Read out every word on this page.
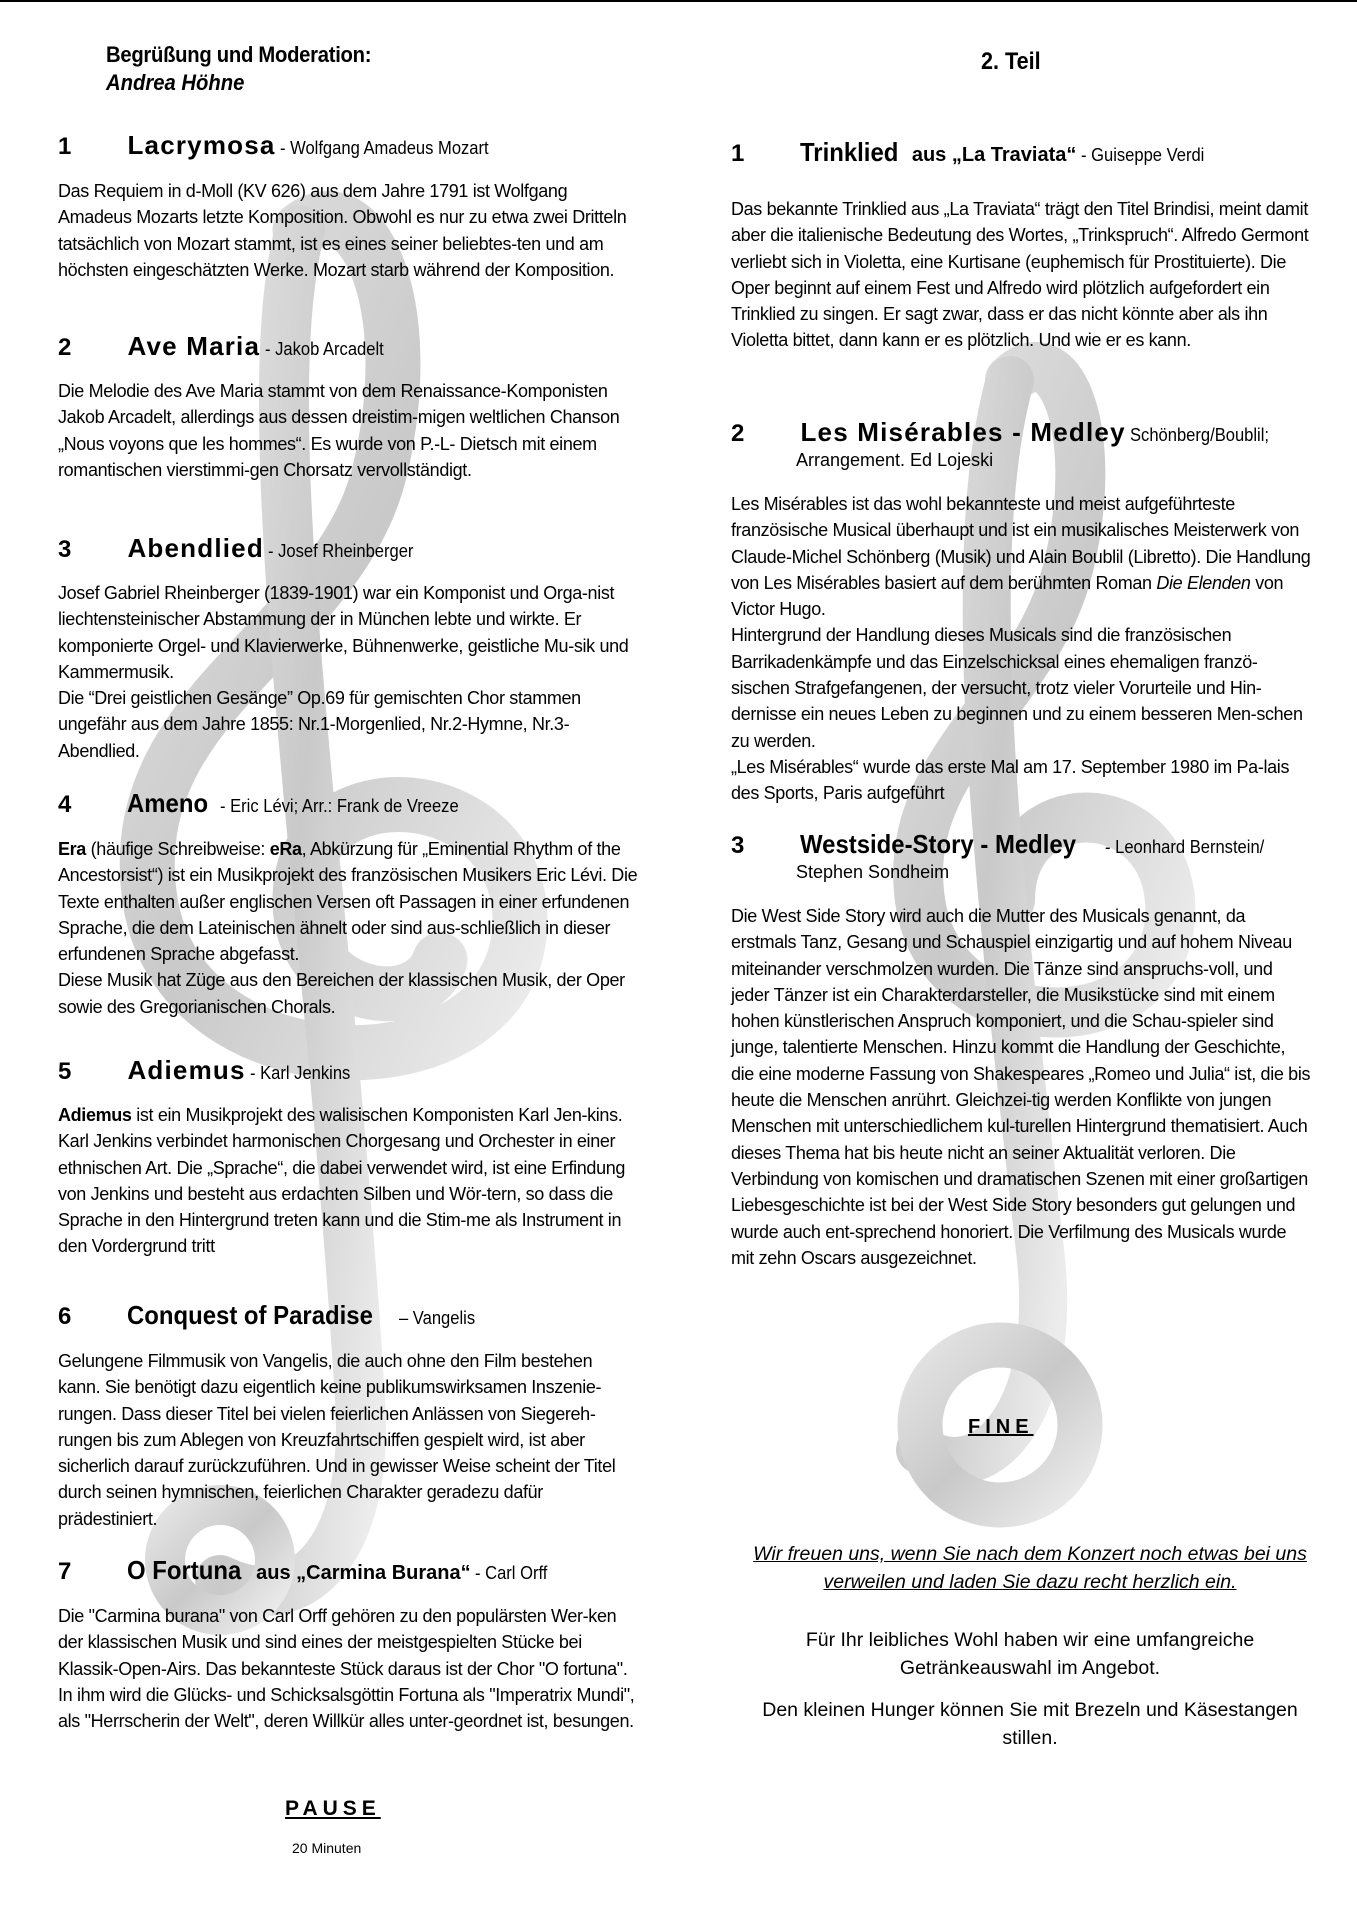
Begrüßung und Moderation:
Andrea Höhne
1 Lacrymosa - Wolfgang Amadeus Mozart
Das Requiem in d-Moll (KV 626) aus dem Jahre 1791 ist Wolfgang Amadeus Mozarts letzte Komposition. Obwohl es nur zu etwa zwei Dritteln tatsächlich von Mozart stammt, ist es eines seiner beliebtes-ten und am höchsten eingeschätzten Werke. Mozart starb während der Komposition.
2 Ave Maria - Jakob Arcadelt
Die Melodie des Ave Maria stammt von dem Renaissance-Komponisten Jakob Arcadelt, allerdings aus dessen dreistim-migen weltlichen Chanson „Nous voyons que les hommes“. Es wurde von P.-L- Dietsch mit einem romantischen vierstimmi-gen Chorsatz vervollständigt.
3 Abendlied - Josef Rheinberger
Josef Gabriel Rheinberger (1839-1901) war ein Komponist und Orga-nist liechtensteinischer Abstammung der in München lebte und wirkte. Er komponierte Orgel- und Klavierwerke, Bühnenwerke, geistliche Mu-sik und Kammermusik.
Die “Drei geistlichen Gesänge” Op.69 für gemischten Chor stammen ungefähr aus dem Jahre 1855: Nr.1-Morgenlied, Nr.2-Hymne, Nr.3-Abendlied.
4 Ameno - Eric Lévi; Arr.: Frank de Vreeze
Era (häufige Schreibweise: eRa, Abkürzung für „Eminential Rhythm of the Ancestorsist“) ist ein Musikprojekt des französischen Musikers Eric Lévi. Die Texte enthalten außer englischen Versen oft Passagen in einer erfundenen Sprache, die dem Lateinischen ähnelt oder sind aus-schließlich in dieser erfundenen Sprache abgefasst.
Diese Musik hat Züge aus den Bereichen der klassischen Musik, der Oper sowie des Gregorianischen Chorals.
5 Adiemus - Karl Jenkins
Adiemus ist ein Musikprojekt des walisischen Komponisten Karl Jen-kins. Karl Jenkins verbindet harmonischen Chorgesang und Orchester in einer ethnischen Art. Die „Sprache“, die dabei verwendet wird, ist eine Erfindung von Jenkins und besteht aus erdachten Silben und Wör-tern, so dass die Sprache in den Hintergrund treten kann und die Stim-me als Instrument in den Vordergrund tritt
6 Conquest of Paradise – Vangelis
Gelungene Filmmusik von Vangelis, die auch ohne den Film bestehen kann. Sie benötigt dazu eigentlich keine publikumswirksamen Inszenie-rungen. Dass dieser Titel bei vielen feierlichen Anlässen von Siegereh-rungen bis zum Ablegen von Kreuzfahrtschiffen gespielt wird, ist aber sicherlich darauf zurückzuführen. Und in gewisser Weise scheint der Titel durch seinen hymnischen, feierlichen Charakter geradezu dafür prädestiniert.
7 O Fortuna aus „Carmina Burana“ - Carl Orff
Die "Carmina burana" von Carl Orff gehören zu den populärsten Wer-ken der klassischen Musik und sind eines der meistgespielten Stücke bei Klassik-Open-Airs. Das bekannteste Stück daraus ist der Chor "O fortuna". In ihm wird die Glücks- und Schicksalsgöttin Fortuna als "Imperatrix Mundi", als "Herrscherin der Welt", deren Willkür alles unter-geordnet ist, besungen.
PAUSE
20 Minuten
2. Teil
1 Trinklied aus „La Traviata“ - Guiseppe Verdi
Das bekannte Trinklied aus „La Traviata“ trägt den Titel Brindisi, meint damit aber die italienische Bedeutung des Wortes, „Trinkspruch“. Alfredo Germont verliebt sich in Violetta, eine Kurtisane (euphemisch für Prostituierte). Die Oper beginnt auf einem Fest und Alfredo wird plötzlich aufgefordert ein Trinklied zu singen. Er sagt zwar, dass er das nicht könnte aber als ihn Violetta bittet, dann kann er es plötzlich. Und wie er es kann.
2 Les Misérables - Medley Schönberg/Boublil;
Arrangement. Ed Lojeski
Les Misérables ist das wohl bekannteste und meist aufgeführteste französische Musical überhaupt und ist ein musikalisches Meisterwerk von Claude-Michel Schönberg (Musik) und Alain Boublil (Libretto). Die Handlung von Les Misérables basiert auf dem berühmten Roman Die Elenden von Victor Hugo.
Hintergrund der Handlung dieses Musicals sind die französischen Barrikadenkämpfe und das Einzelschicksal eines ehemaligen franzö-sischen Strafgefangenen, der versucht, trotz vieler Vorurteile und Hin-dernisse ein neues Leben zu beginnen und zu einem besseren Men-schen zu werden.
„Les Misérables“ wurde das erste Mal am 17. September 1980 im Pa-lais des Sports, Paris aufgeführt
3 Westside-Story - Medley - Leonhard Bernstein/
Stephen Sondheim
Die West Side Story wird auch die Mutter des Musicals genannt, da erstmals Tanz, Gesang und Schauspiel einzigartig und auf hohem Niveau miteinander verschmolzen wurden. Die Tänze sind anspruchs-voll, und jeder Tänzer ist ein Charakterdarsteller, die Musikstücke sind mit einem hohen künstlerischen Anspruch komponiert, und die Schau-spieler sind junge, talentierte Menschen. Hinzu kommt die Handlung der Geschichte, die eine moderne Fassung von Shakespeares „Romeo und Julia“ ist, die bis heute die Menschen anrührt. Gleichzei-tig werden Konflikte von jungen Menschen mit unterschiedlichem kul-turellen Hintergrund thematisiert. Auch dieses Thema hat bis heute nicht an seiner Aktualität verloren. Die Verbindung von komischen und dramatischen Szenen mit einer großartigen Liebesgeschichte ist bei der West Side Story besonders gut gelungen und wurde auch ent-sprechend honoriert. Die Verfilmung des Musicals wurde mit zehn Oscars ausgezeichnet.
FINE
Wir freuen uns, wenn Sie nach dem Konzert noch etwas bei uns verweilen und laden Sie dazu recht herzlich ein.
Für Ihr leibliches Wohl haben wir eine umfangreiche Getränkeauswahl im Angebot.
Den kleinen Hunger können Sie mit Brezeln und Käsestangen stillen.
